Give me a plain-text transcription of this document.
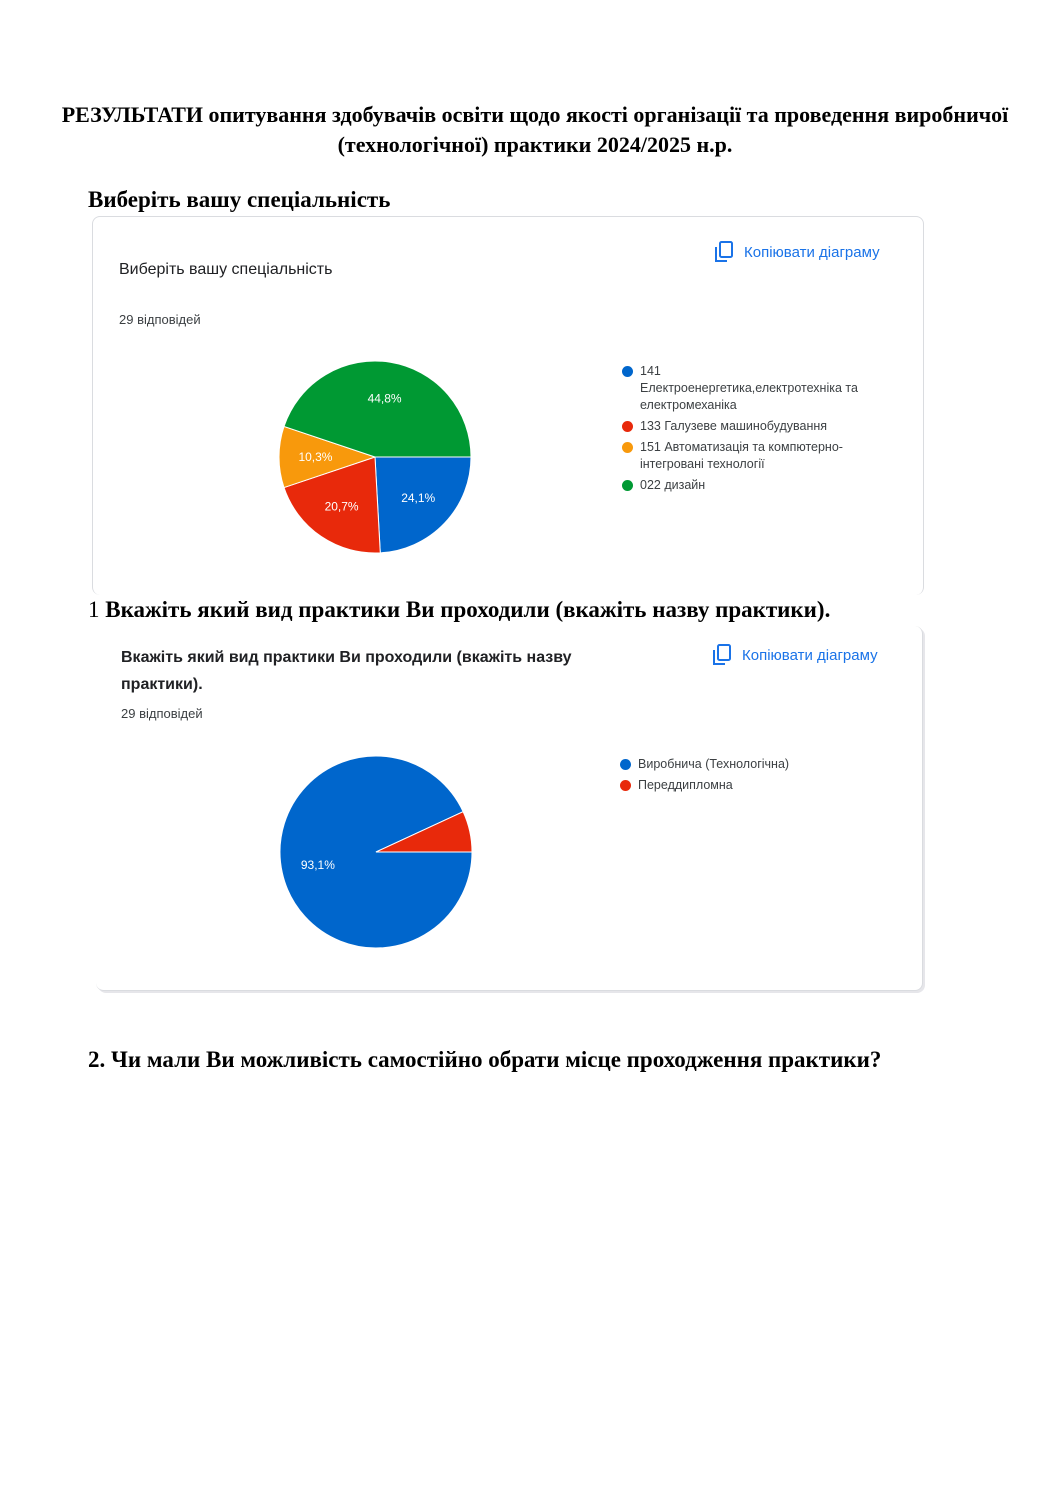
РЕЗУЛЬТАТИ опитування здобувачів освіти щодо якості організації та проведення виробничої (технологічної) практики 2024/2025 н.р.
Виберіть вашу спеціальність
Виберіть вашу спеціальність
29 відповідей
Копіювати діаграму
24,1%
20,7%
10,3%
44,8%
141
Електроенергетика,електротехніка та
електромеханіка
133 Галузеве машинобудування
151 Автоматизація та компютерно-
інтегровані технології
022 дизайн
1 Вкажіть який вид практики Ви проходили (вкажіть назву практики).
Вкажіть який вид практики Ви проходили (вкажіть назву практики).
29 відповідей
Копіювати діаграму
93,1%
Виробнича (Технологічна)
Переддипломна
2. Чи мали Ви можливість самостійно обрати місце проходження практики?
